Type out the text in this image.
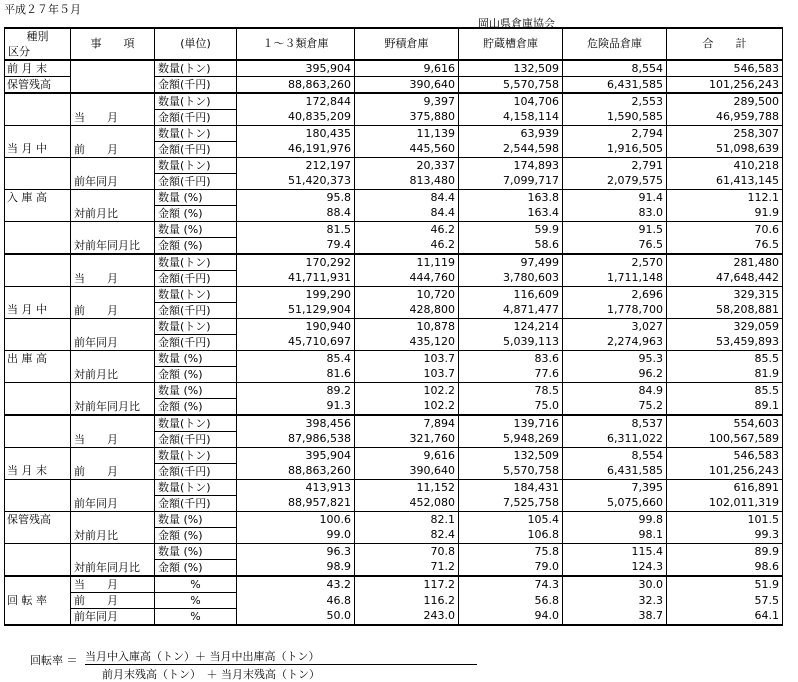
平成２７年５月
岡山県倉庫協会
種別	事　　項	(単位)	１～３類倉庫	野積倉庫	貯蔵槽倉庫	危険品倉庫	合　　計
区分							
前 月 末		数量(トン)	395,904	9,616	132,509	8,554	546,583
保管残高		金額(千円)	88,863,260	390,640	5,570,758	6,431,585	101,256,243
	当　　月	数量(トン)	172,844	9,397	104,706	2,553	289,500
		金額(千円)	40,835,209	375,880	4,158,114	1,590,585	46,959,788
	前　　月	数量(トン)	180,435	11,139	63,939	2,794	258,307
当 月 中		金額(千円)	46,191,976	445,560	2,544,598	1,916,505	51,098,639
	前年同月	数量(トン)	212,197	20,337	174,893	2,791	410,218
		金額(千円)	51,420,373	813,480	7,099,717	2,079,575	61,413,145
入 庫 高	対前月比	数量 (%)	95.8	84.4	163.8	91.4	112.1
		金額 (%)	88.4	84.4	163.4	83.0	91.9
	対前年同月比	数量 (%)	81.5	46.2	59.9	91.5	70.6
		金額 (%)	79.4	46.2	58.6	76.5	76.5
	当　　月	数量(トン)	170,292	11,119	97,499	2,570	281,480
		金額(千円)	41,711,931	444,760	3,780,603	1,711,148	47,648,442
	前　　月	数量(トン)	199,290	10,720	116,609	2,696	329,315
当 月 中		金額(千円)	51,129,904	428,800	4,871,477	1,778,700	58,208,881
	前年同月	数量(トン)	190,940	10,878	124,214	3,027	329,059
		金額(千円)	45,710,697	435,120	5,039,113	2,274,963	53,459,893
出 庫 高	対前月比	数量 (%)	85.4	103.7	83.6	95.3	85.5
		金額 (%)	81.6	103.7	77.6	96.2	81.9
	対前年同月比	数量 (%)	89.2	102.2	78.5	84.9	85.5
		金額 (%)	91.3	102.2	75.0	75.2	89.1
	当　　月	数量(トン)	398,456	7,894	139,716	8,537	554,603
		金額(千円)	87,986,538	321,760	5,948,269	6,311,022	100,567,589
	前　　月	数量(トン)	395,904	9,616	132,509	8,554	546,583
当 月 末		金額(千円)	88,863,260	390,640	5,570,758	6,431,585	101,256,243
	前年同月	数量(トン)	413,913	11,152	184,431	7,395	616,891
		金額(千円)	88,957,821	452,080	7,525,758	5,075,660	102,011,319
保管残高	対前月比	数量 (%)	100.6	82.1	105.4	99.8	101.5
		金額 (%)	99.0	82.4	106.8	98.1	99.3
	対前年同月比	数量 (%)	96.3	70.8	75.8	115.4	89.9
		金額 (%)	98.9	71.2	79.0	124.3	98.6
	当　　月	%	43.2	117.2	74.3	30.0	51.9
回 転 率	前　　月	%	46.8	116.2	56.8	32.3	57.5
	前年同月	%	50.0	243.0	94.0	38.7	64.1
回転率 ＝ 当月中入庫高（トン）＋ 当月中出庫高（トン）
前月末残高（トン）　＋ 当月末残高（トン）
